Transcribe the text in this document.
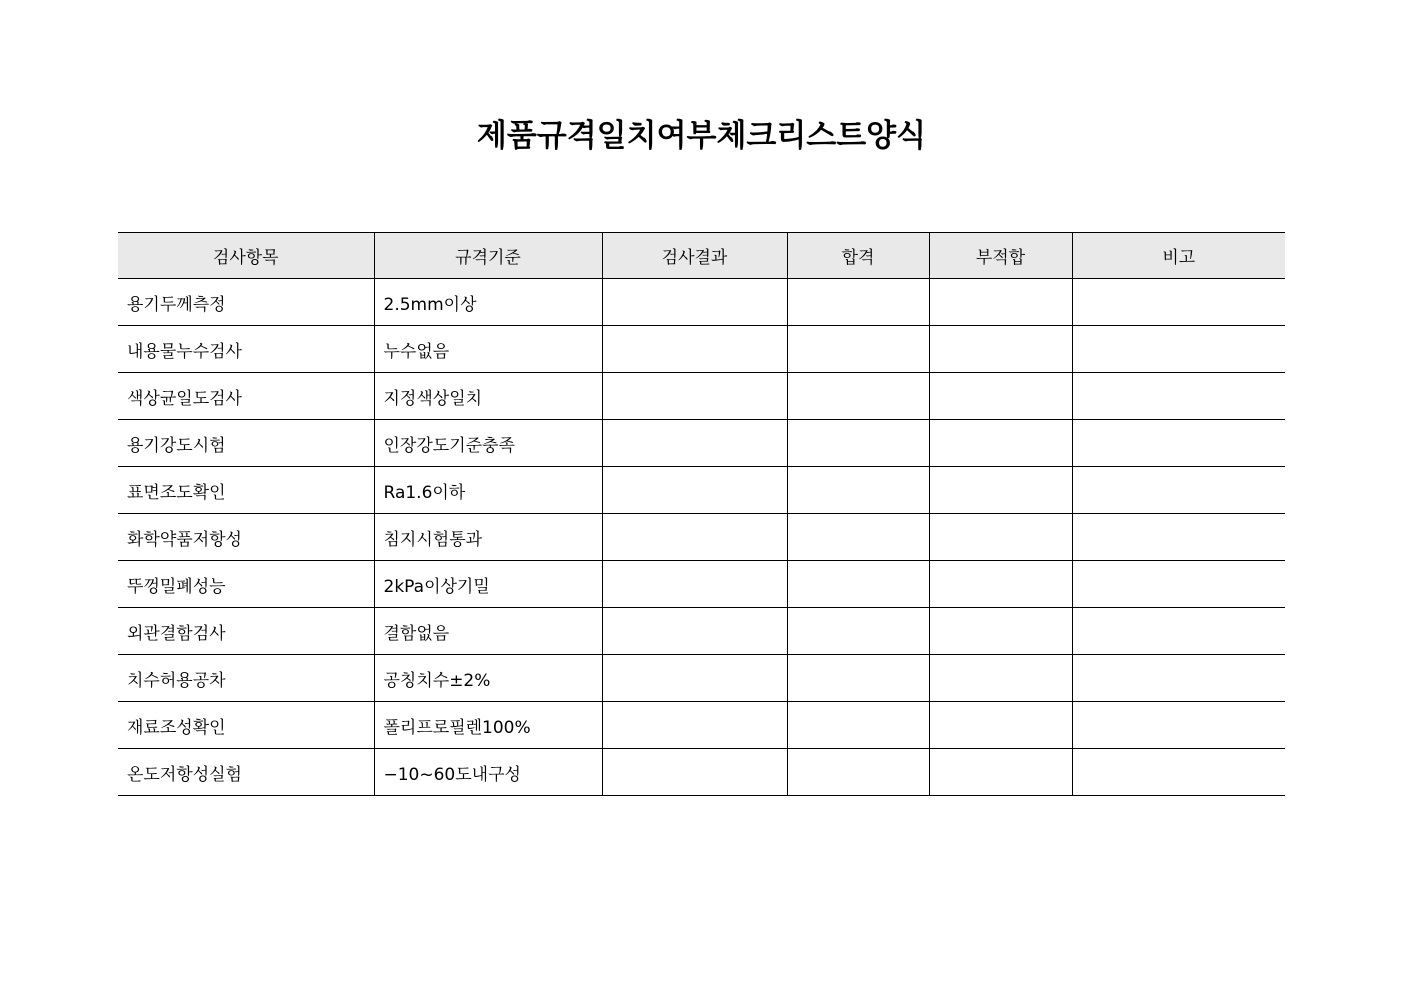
제품규격일치여부체크리스트양식
검사항목	규격기준	검사결과	합격	부적합	비고
용기두께측정	2.5mm이상				
내용물누수검사	누수없음				
색상균일도검사	지정색상일치				
용기강도시험	인장강도기준충족				
표면조도확인	Ra1.6이하				
화학약품저항성	침지시험통과				
뚜껑밀폐성능	2kPa이상기밀				
외관결함검사	결함없음				
치수허용공차	공칭치수±2%				
재료조성확인	폴리프로필렌100%				
온도저항성실험	−10~60도내구성				
